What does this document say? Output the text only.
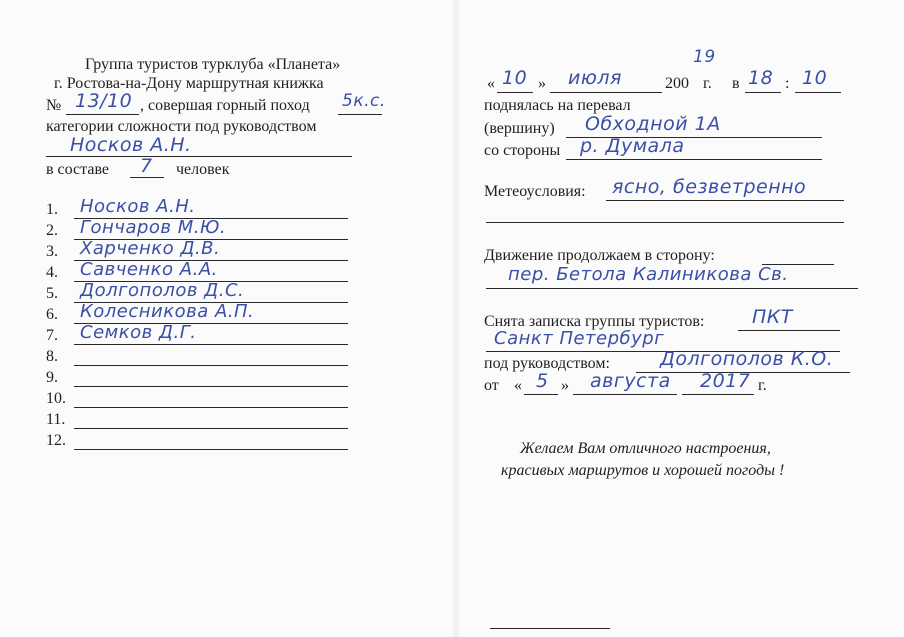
Группа туристов турклуба «Планета»
г. Ростова-на-Дону маршрутная книжка
№ 13/10 , совершая горный поход 5к.с.
категории сложности под руководством
Носков А.Н.
в составе 7 человек
1. Носков А.Н.
2. Гончаров М.Ю.
3. Харченко Д.В.
4. Савченко А.А.
5. Долгополов Д.С.
6. Колесникова А.П.
7. Семков Д.Г.
8.
9.
10.
11.
12.
19
« 10 » июля	200 г. в 18 : 10
поднялась на перевал
(вершину) Обходной 1А
со стороны р. Думала
Метеоусловия: ясно, безветренно
Движение продолжаем в сторону:
пер. Бетола Калиникова Св.
Снята записка группы туристов:	ПКТ
Санкт Петербург
под руководством:	Долгополов К.О.
от « 5 » августа 2017 г.
Желаем Вам отличного настроения,
красивых маршрутов и хорошей погоды !
